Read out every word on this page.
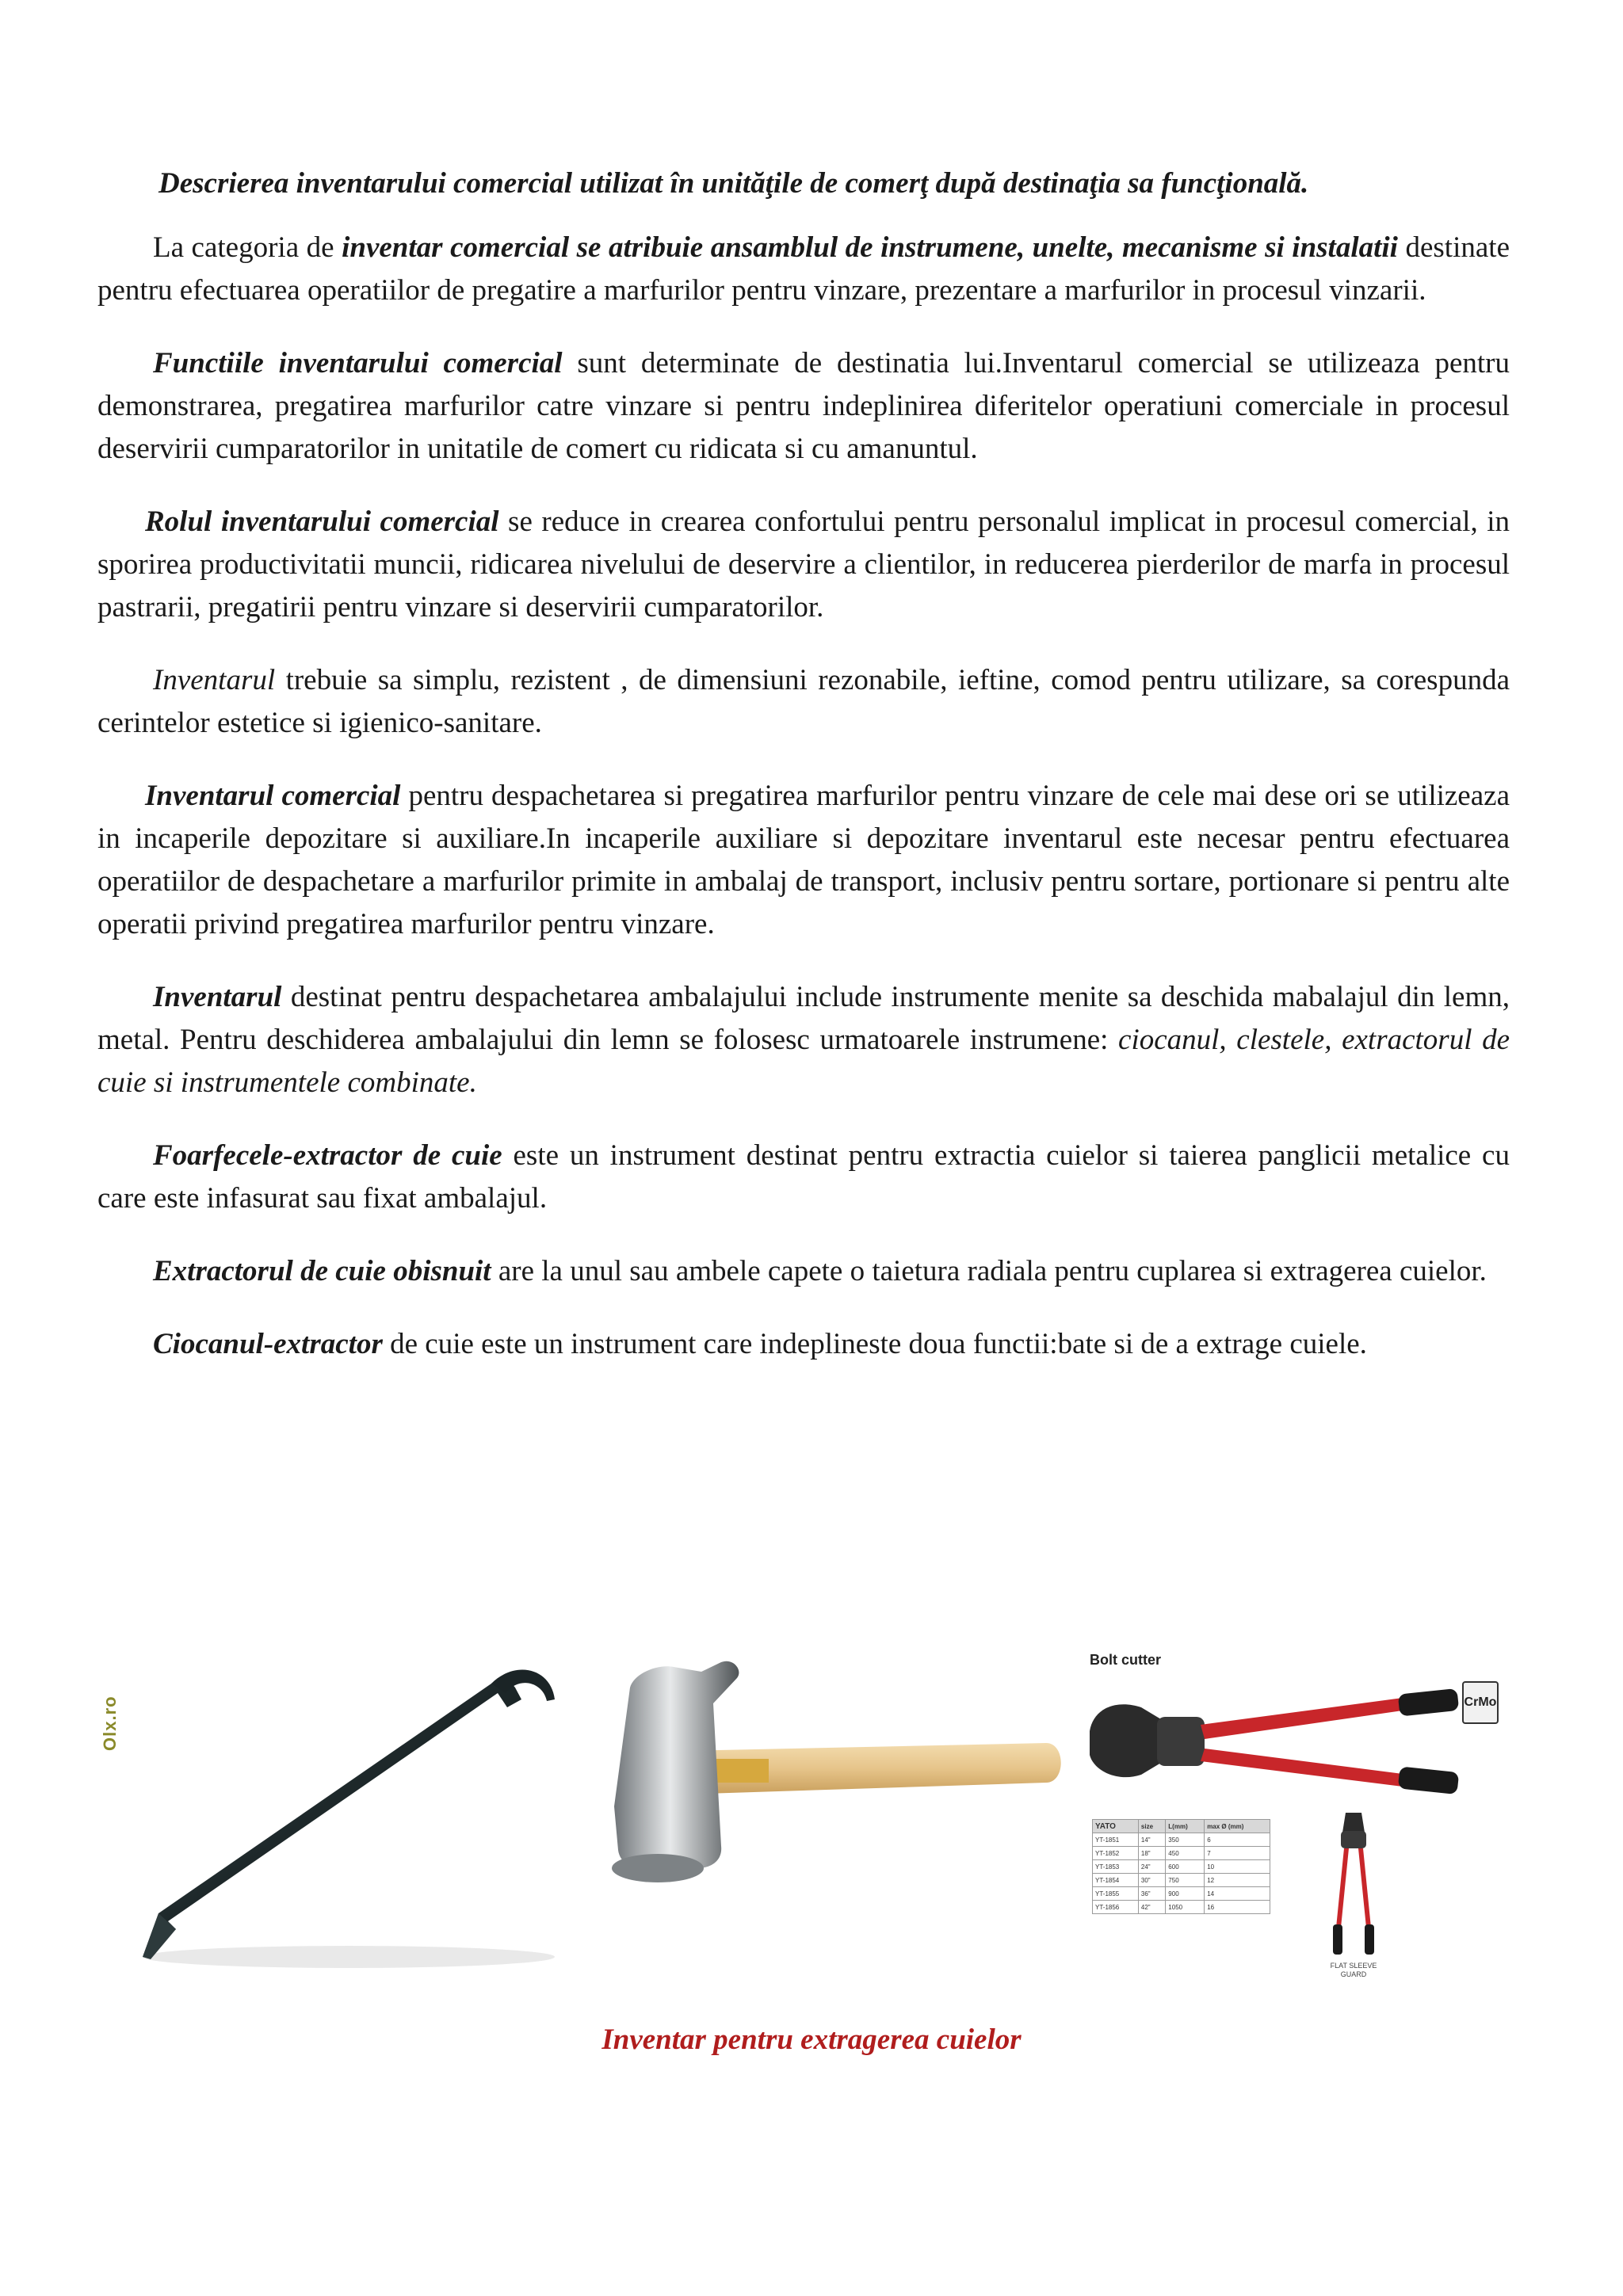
Descrierea inventarului comercial utilizat în unităţile de comerţ după destinaţia sa funcţională.

La categoria de inventar comercial se atribuie ansamblul de instrumene, unelte, mecanisme si instalatii destinate pentru efectuarea operatiilor de pregatire a marfurilor pentru vinzare, prezentare a marfurilor in procesul vinzarii.

Functiile inventarului comercial sunt determinate de destinatia lui.Inventarul comercial se utilizeaza pentru demonstrarea, pregatirea marfurilor catre vinzare si pentru indeplinirea diferitelor operatiuni comerciale in procesul deservirii cumparatorilor in unitatile de comert cu ridicata si cu amanuntul.

Rolul inventarului comercial se reduce in crearea confortului pentru personalul implicat in procesul comercial, in sporirea productivitatii muncii, ridicarea nivelului de deservire a clientilor, in reducerea pierderilor de marfa in procesul pastrarii, pregatirii pentru vinzare si deservirii cumparatorilor.

Inventarul trebuie sa simplu, rezistent , de dimensiuni rezonabile, ieftine, comod pentru utilizare, sa corespunda cerintelor estetice si igienico-sanitare.

Inventarul comercial pentru despachetarea si pregatirea marfurilor pentru vinzare de cele mai dese ori se utilizeaza in incaperile depozitare si auxiliare.In incaperile auxiliare si depozitare inventarul este necesar pentru efectuarea operatiilor de despachetare a marfurilor primite in ambalaj de transport, inclusiv pentru sortare, portionare si pentru alte operatii privind pregatirea marfurilor pentru vinzare.

Inventarul destinat pentru despachetarea ambalajului include instrumente menite sa deschida mabalajul din lemn, metal. Pentru deschiderea ambalajului din lemn se folosesc urmatoarele instrumene: ciocanul, clestele, extractorul de cuie si instrumentele combinate.

Foarfecele-extractor de cuie este un instrument destinat pentru extractia cuielor si taierea panglicii metalice cu care este infasurat sau fixat ambalajul.

Extractorul de cuie obisnuit are la unul sau ambele capete o taietura radiala pentru cuplarea si extragerea cuielor.

Ciocanul-extractor de cuie este un instrument care indeplineste doua functii:bate si de a extrage cuiele.

Olx.ro
Bolt cutter
CrMo
YATO	size	L(mm)	max Ø (mm)
YT-1851	14"	350	6
YT-1852	18"	450	7
YT-1853	24"	600	10
YT-1854	30"	750	12
YT-1855	36"	900	14
YT-1856	42"	1050	16
FLAT SLEEVE GUARD
Inventar pentru extragerea cuielor
